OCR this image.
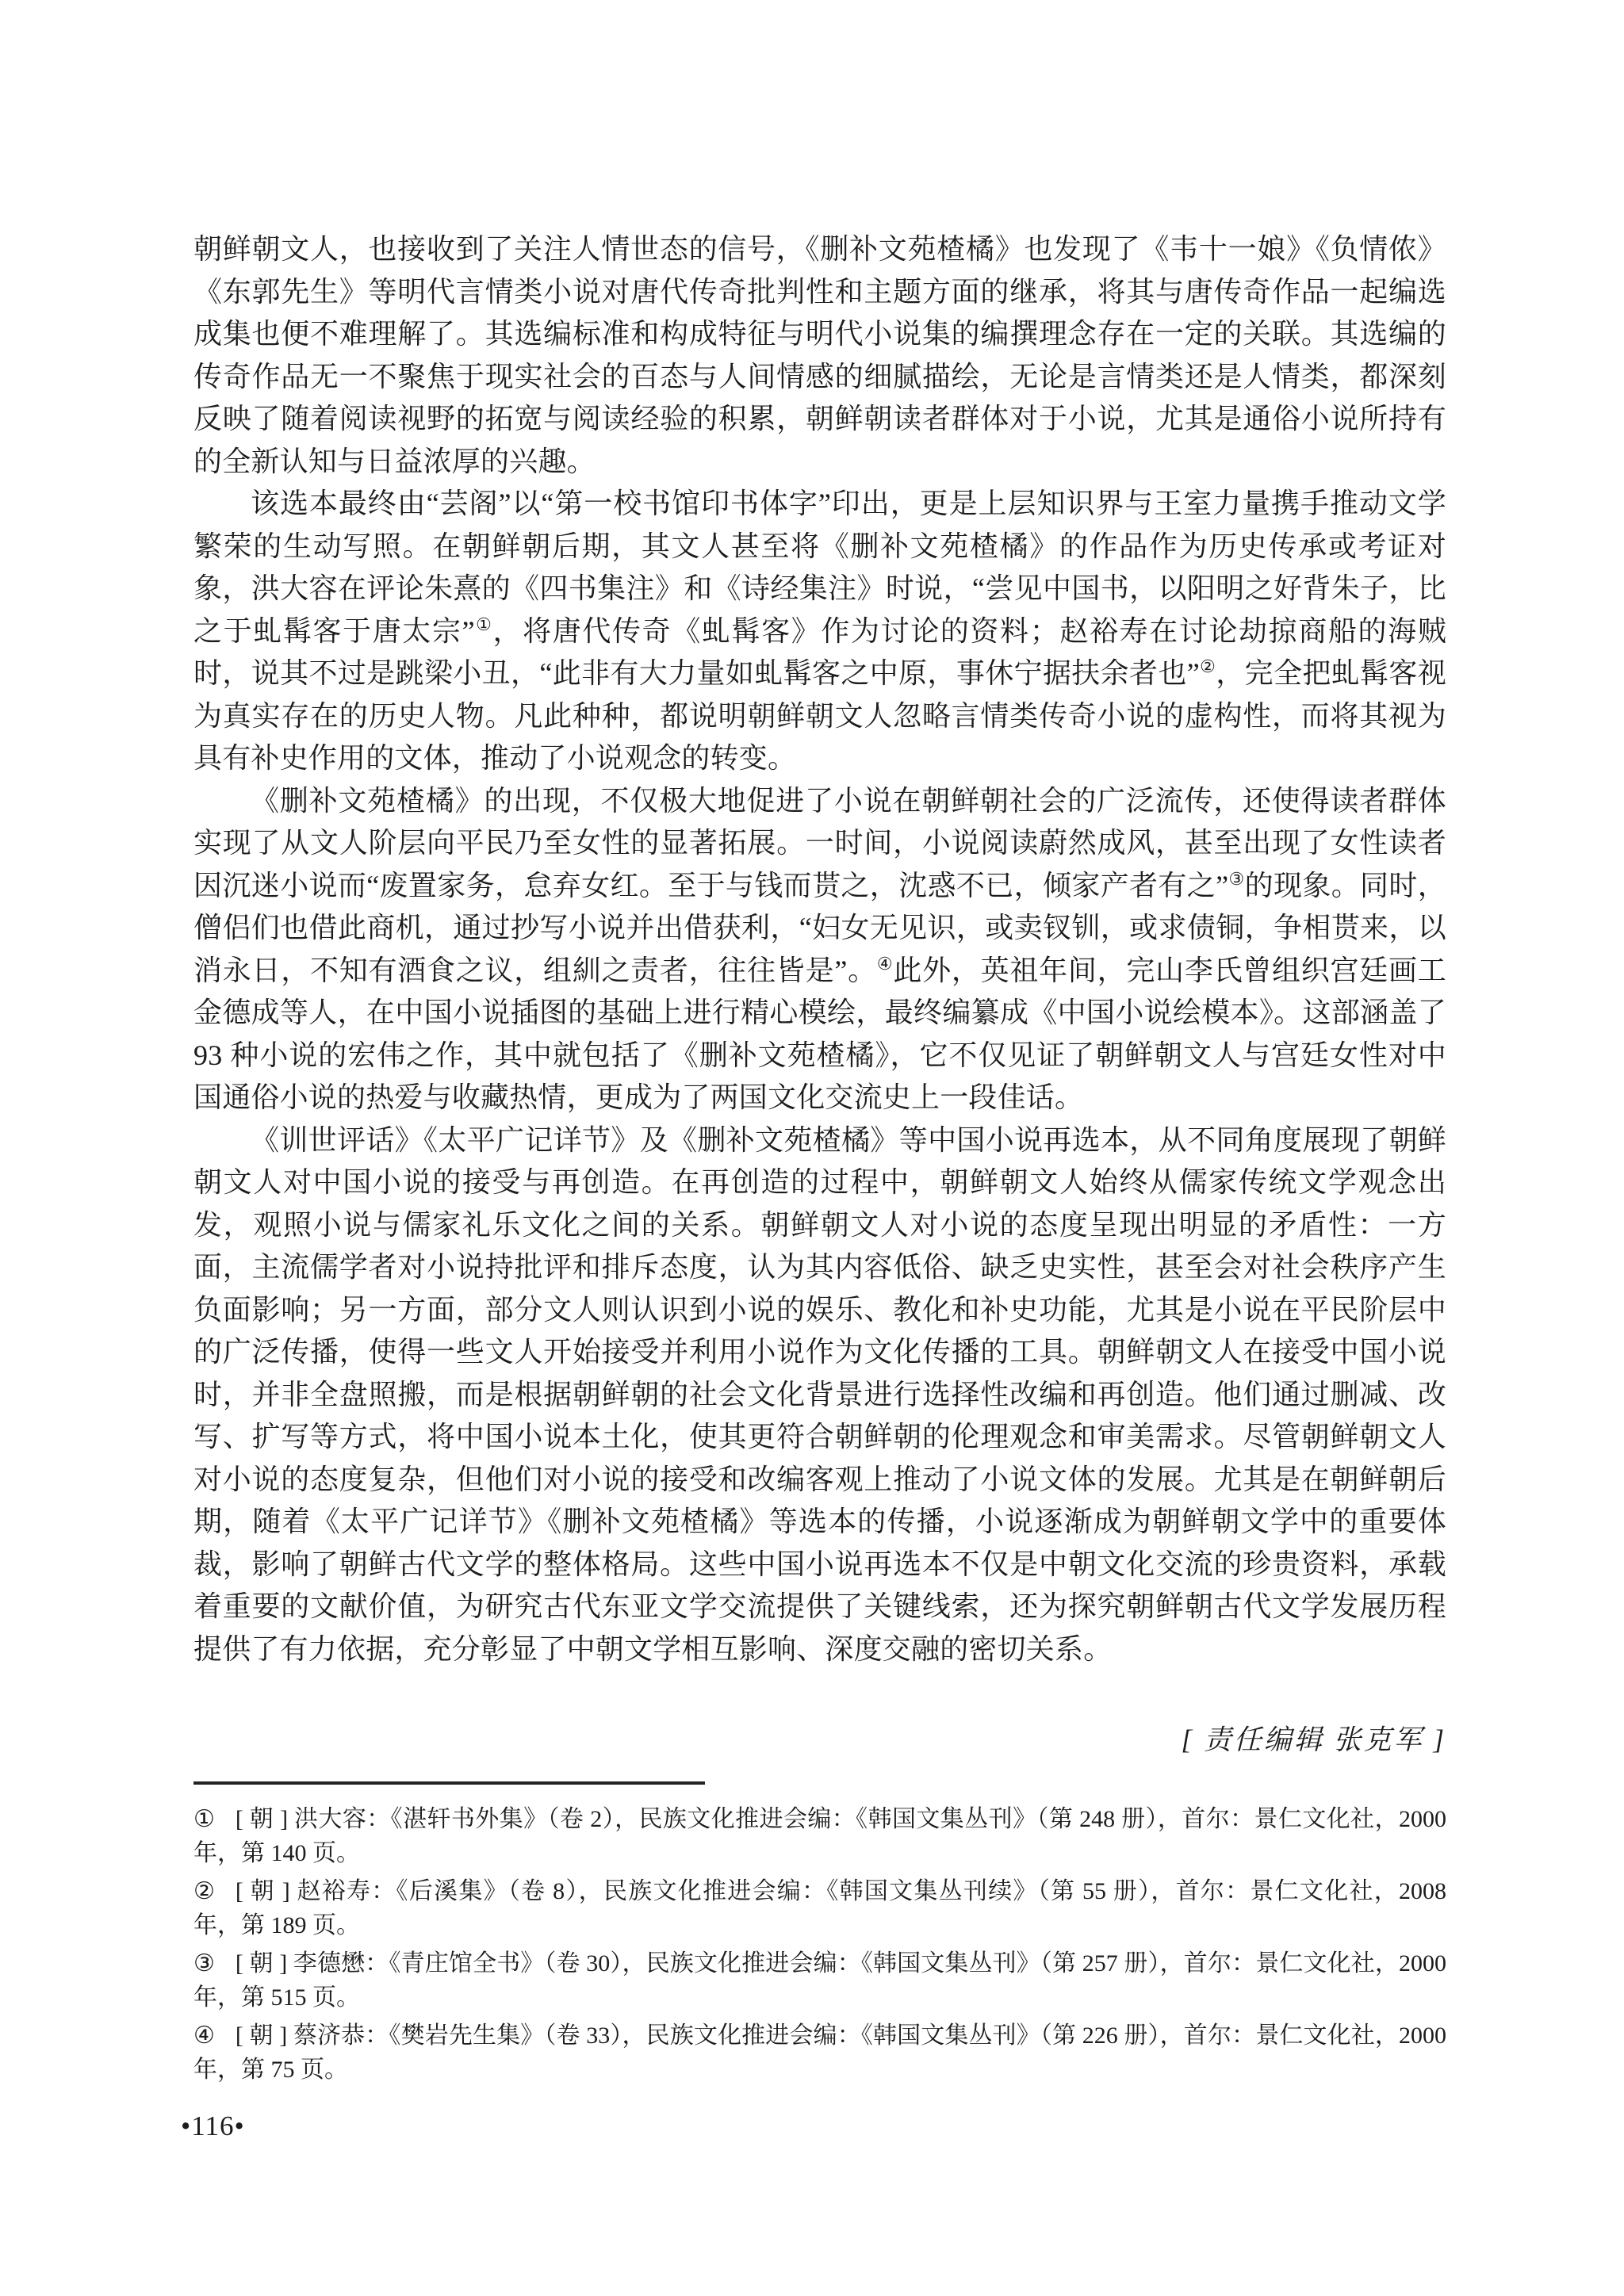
朝鲜朝文人，也接收到了关注人情世态的信号，《删补文苑楂橘》也发现了《韦十一娘》《负情侬》《东郭先生》等明代言情类小说对唐代传奇批判性和主题方面的继承，将其与唐传奇作品一起编选成集也便不难理解了。其选编标准和构成特征与明代小说集的编撰理念存在一定的关联。其选编的传奇作品无一不聚焦于现实社会的百态与人间情感的细腻描绘，无论是言情类还是人情类，都深刻反映了随着阅读视野的拓宽与阅读经验的积累，朝鲜朝读者群体对于小说，尤其是通俗小说所持有的全新认知与日益浓厚的兴趣。

该选本最终由“芸阁”以“第一校书馆印书体字”印出，更是上层知识界与王室力量携手推动文学繁荣的生动写照。在朝鲜朝后期，其文人甚至将《删补文苑楂橘》的作品作为历史传承或考证对象，洪大容在评论朱熹的《四书集注》和《诗经集注》时说，“尝见中国书，以阳明之好背朱子，比之于虬髯客于唐太宗”①，将唐代传奇《虬髯客》作为讨论的资料；赵裕寿在讨论劫掠商船的海贼时，说其不过是跳梁小丑，“此非有大力量如虬髯客之中原，事休宁据扶余者也”②，完全把虬髯客视为真实存在的历史人物。凡此种种，都说明朝鲜朝文人忽略言情类传奇小说的虚构性，而将其视为具有补史作用的文体，推动了小说观念的转变。

《删补文苑楂橘》的出现，不仅极大地促进了小说在朝鲜朝社会的广泛流传，还使得读者群体实现了从文人阶层向平民乃至女性的显著拓展。一时间，小说阅读蔚然成风，甚至出现了女性读者因沉迷小说而“废置家务，怠弃女红。至于与钱而贳之，沈惑不已，倾家产者有之”③的现象。同时，僧侣们也借此商机，通过抄写小说并出借获利，“妇女无见识，或卖钗钏，或求债铜，争相贳来，以消永日，不知有酒食之议，组紃之责者，往往皆是”。④此外，英祖年间，完山李氏曾组织宫廷画工金德成等人，在中国小说插图的基础上进行精心模绘，最终编纂成《中国小说绘模本》。这部涵盖了 93 种小说的宏伟之作，其中就包括了《删补文苑楂橘》，它不仅见证了朝鲜朝文人与宫廷女性对中国通俗小说的热爱与收藏热情，更成为了两国文化交流史上一段佳话。

《训世评话》《太平广记详节》及《删补文苑楂橘》等中国小说再选本，从不同角度展现了朝鲜朝文人对中国小说的接受与再创造。在再创造的过程中，朝鲜朝文人始终从儒家传统文学观念出发，观照小说与儒家礼乐文化之间的关系。朝鲜朝文人对小说的态度呈现出明显的矛盾性：一方面，主流儒学者对小说持批评和排斥态度，认为其内容低俗、缺乏史实性，甚至会对社会秩序产生负面影响；另一方面，部分文人则认识到小说的娱乐、教化和补史功能，尤其是小说在平民阶层中的广泛传播，使得一些文人开始接受并利用小说作为文化传播的工具。朝鲜朝文人在接受中国小说时，并非全盘照搬，而是根据朝鲜朝的社会文化背景进行选择性改编和再创造。他们通过删减、改写、扩写等方式，将中国小说本土化，使其更符合朝鲜朝的伦理观念和审美需求。尽管朝鲜朝文人对小说的态度复杂，但他们对小说的接受和改编客观上推动了小说文体的发展。尤其是在朝鲜朝后期，随着《太平广记详节》《删补文苑楂橘》等选本的传播，小说逐渐成为朝鲜朝文学中的重要体裁，影响了朝鲜古代文学的整体格局。这些中国小说再选本不仅是中朝文化交流的珍贵资料，承载着重要的文献价值，为研究古代东亚文学交流提供了关键线索，还为探究朝鲜朝古代文学发展历程提供了有力依据，充分彰显了中朝文学相互影响、深度交融的密切关系。

[ 责任编辑 张克军 ]
① [ 朝 ] 洪大容：《湛轩书外集》（卷 2），民族文化推进会编：《韩国文集丛刊》（第 248 册），首尔：景仁文化社，2000 年，第 140 页。
② [ 朝 ] 赵裕寿：《后溪集》（卷 8），民族文化推进会编：《韩国文集丛刊续》（第 55 册），首尔：景仁文化社，2008 年，第 189 页。
③ [ 朝 ] 李德懋：《青庄馆全书》（卷 30），民族文化推进会编：《韩国文集丛刊》（第 257 册），首尔：景仁文化社，2000 年，第 515 页。
④ [ 朝 ] 蔡济恭：《樊岩先生集》（卷 33），民族文化推进会编：《韩国文集丛刊》（第 226 册），首尔：景仁文化社，2000 年，第 75 页。
•116•
